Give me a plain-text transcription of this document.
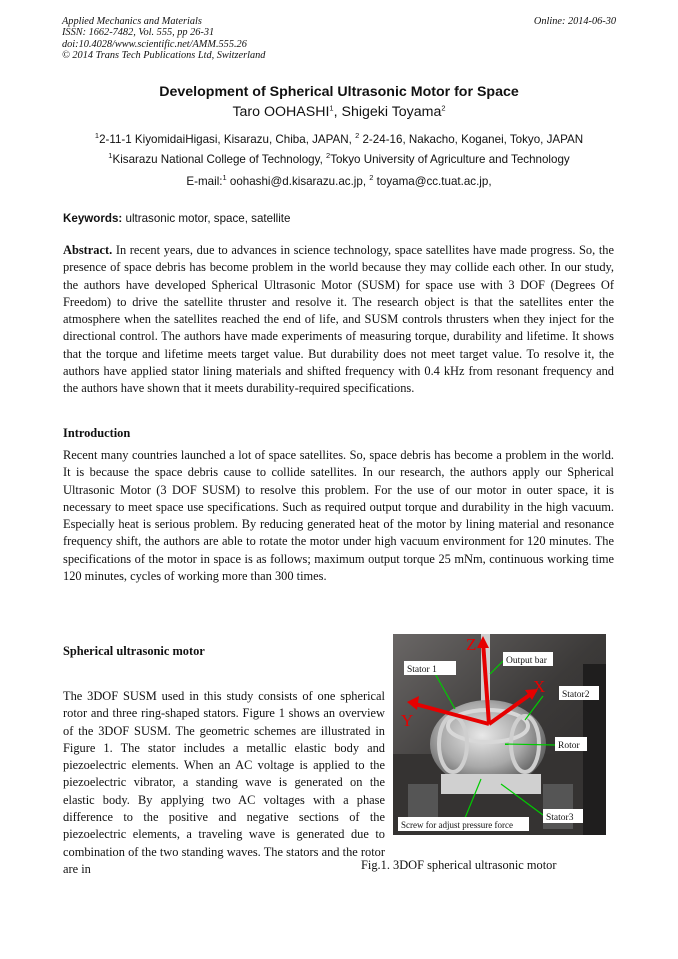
Applied Mechanics and Materials
ISSN: 1662-7482, Vol. 555, pp 26-31
doi:10.4028/www.scientific.net/AMM.555.26
© 2014 Trans Tech Publications Ltd, Switzerland
Online: 2014-06-30
Development of Spherical Ultrasonic Motor for Space
Taro OOHASHI$^1$, Shigeki Toyama$^2$
$^1$2-11-1 KiyomidaiHigasi, Kisarazu, Chiba, JAPAN, $^2$ 2-24-16, Nakacho, Koganei, Tokyo, JAPAN
$^1$Kisarazu National College of Technology, $^2$Tokyo University of Agriculture and Technology
E-mail:$^1$ oohashi@d.kisarazu.ac.jp, $^2$ toyama@cc.tuat.ac.jp,
Keywords: ultrasonic motor, space, satellite

Abstract. In recent years, due to advances in science technology, space satellites have made progress. So, the presence of space debris has become problem in the world because they may collide each other. In our study, the authors have developed Spherical Ultrasonic Motor (SUSM) for space use with 3 DOF (Degrees Of Freedom) to drive the satellite thruster and resolve it. The research object is that the satellites enter the atmosphere when the satellites reached the end of life, and SUSM controls thrusters when they inject for the directional control. The authors have made experiments of measuring torque, durability and lifetime. It shows that the torque and lifetime meets target value. But durability does not meet target value. To resolve it, the authors have applied stator lining materials and shifted frequency with 0.4 kHz from resonant frequency and the authors have shown that it meets durability-required specifications.

Introduction

Recent many countries launched a lot of space satellites. So, space debris has become a problem in the world. It is because the space debris cause to collide satellites. In our research, the authors apply our Spherical Ultrasonic Motor (3 DOF SUSM) to resolve this problem. For the use of our motor in outer space, it is necessary to meet space use specifications. Such as required output torque and durability in the high vacuum. Especially heat is serious problem. By reducing generated heat of the motor by lining material and resonance frequency shift, the authors are able to rotate the motor under high vacuum environment for 120 minutes. The specifications of the motor in space is as follows; maximum output torque 25 mNm, continuous working time 120 minutes, cycles of working more than 300 times.

Spherical ultrasonic motor

The 3DOF SUSM used in this study consists of one spherical rotor and three ring-shaped stators. Figure 1 shows an overview of the 3DOF SUSM. The geometric schemes are illustrated in Figure 1. The stator includes a metallic elastic body and piezoelectric elements. When an AC voltage is applied to the piezoelectric vibrator, a standing wave is generated on the elastic body. By applying two AC voltages with a phase difference to the positive and negative sections of the piezoelectric elements, a traveling wave is generated due to combination of the two standing waves. The stators and the rotor are in

Z
X
Y
Stator 1
Output bar
Stator2
Rotor
Stator3
Screw for adjust pressure force
Fig.1. 3DOF spherical ultrasonic motor
